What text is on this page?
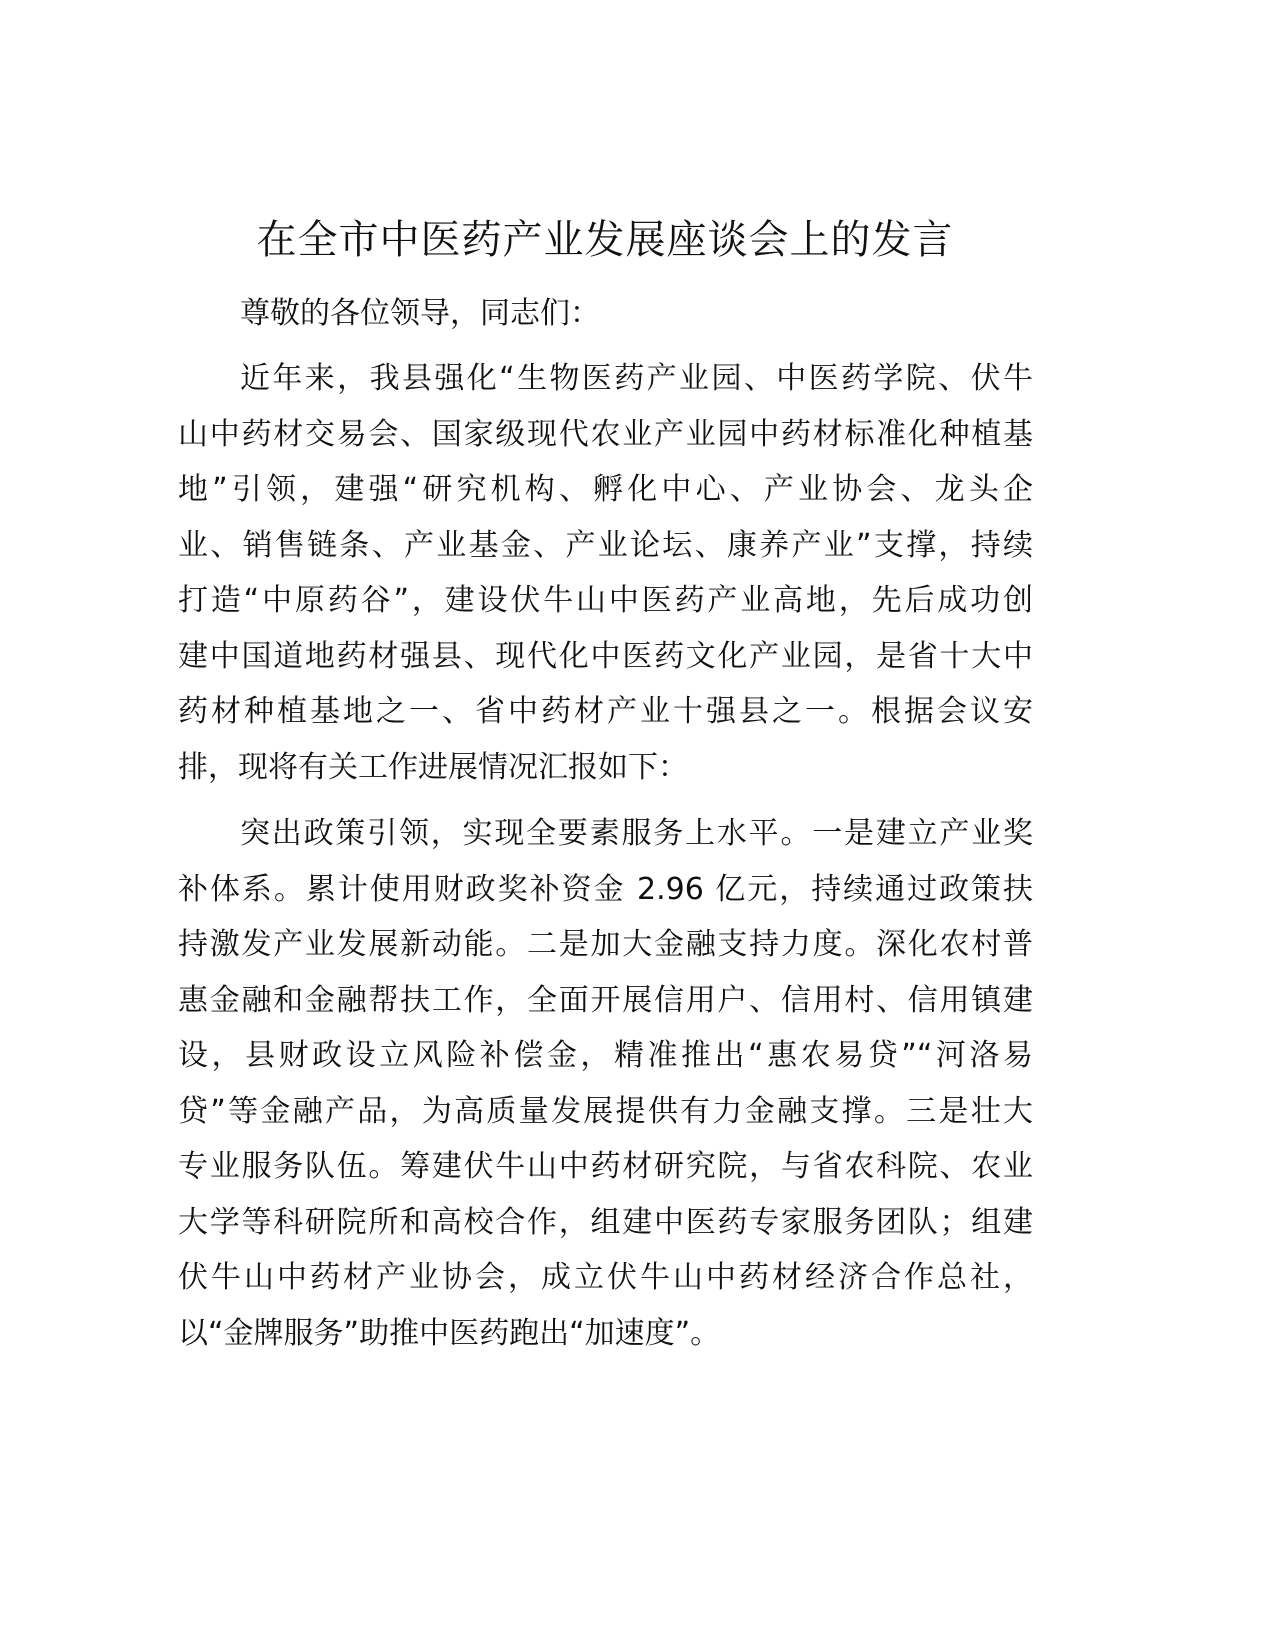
在全市中医药产业发展座谈会上的发言
尊敬的各位领导，同志们：
近年来，我县强化“生物医药产业园、中医药学院、伏牛
山中药材交易会、国家级现代农业产业园中药材标准化种植基
地”引领，建强“研究机构、孵化中心、产业协会、龙头企
业、销售链条、产业基金、产业论坛、康养产业”支撑，持续
打造“中原药谷”，建设伏牛山中医药产业高地，先后成功创
建中国道地药材强县、现代化中医药文化产业园，是省十大中
药材种植基地之一、省中药材产业十强县之一。根据会议安
排，现将有关工作进展情况汇报如下：
突出政策引领，实现全要素服务上水平。一是建立产业奖
补体系。累计使用财政奖补资金 2.96 亿元，持续通过政策扶
持激发产业发展新动能。二是加大金融支持力度。深化农村普
惠金融和金融帮扶工作，全面开展信用户、信用村、信用镇建
设，县财政设立风险补偿金，精准推出“惠农易贷”“河洛易
贷”等金融产品，为高质量发展提供有力金融支撑。三是壮大
专业服务队伍。筹建伏牛山中药材研究院，与省农科院、农业
大学等科研院所和高校合作，组建中医药专家服务团队；组建
伏牛山中药材产业协会，成立伏牛山中药材经济合作总社，
以“金牌服务”助推中医药跑出“加速度”。
